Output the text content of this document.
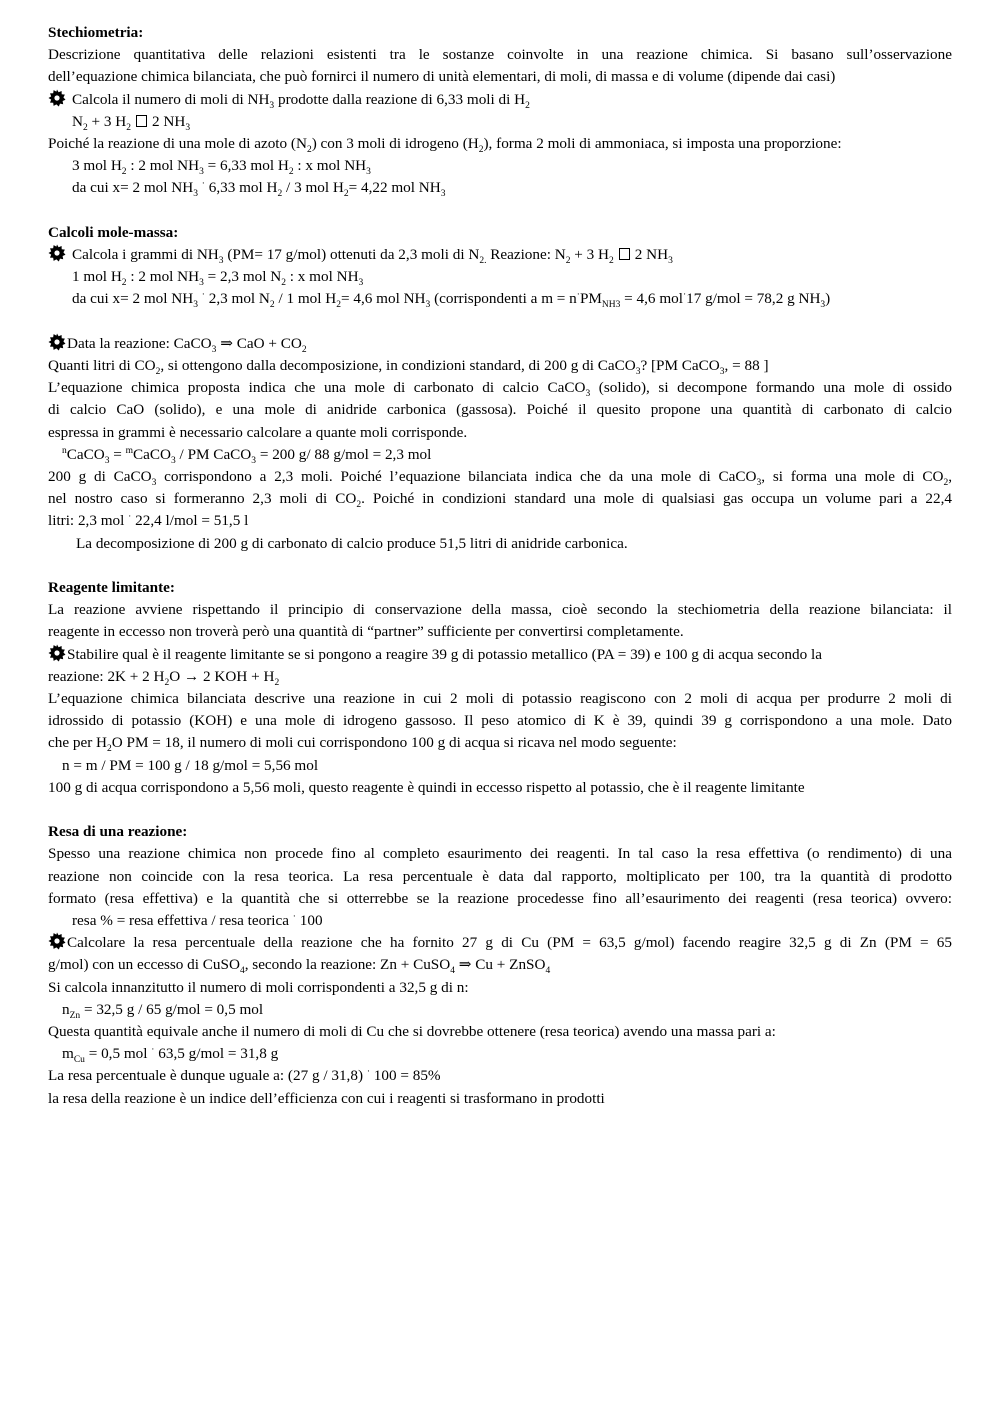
Stechiometria:
Descrizione quantitativa delle relazioni esistenti tra le sostanze coinvolte in una reazione chimica. Si basano sull’osservazione
dell’equazione chimica bilanciata, che può fornirci il numero di unità elementari, di moli, di massa e di volume (dipende dai casi)
Calcola il numero di moli di $NH_3$ prodotte dalla reazione di 6,33 moli di $H_2$
$N_2 + 3$ $H_2$ 2 $NH_3$
Poiché la reazione di una mole di azoto $(N_2)$ con 3 moli di idrogeno $(H_2)$, forma 2 moli di ammoniaca, si imposta una proporzione:
3 mol $H_2$ : 2 mol $NH_3 = 6,33$ mol $H_2$ : x mol $NH_3$
da cui x= 2 mol $NH_3$ · 6,33 mol $H_2 / 3$ mol $H_2= 4,22$ mol $NH_3$
Calcoli mole-massa:
Calcola i grammi di $NH_3$ (PM= 17 g/mol) ottenuti da 2,3 moli di $N_{2.}$ Reazione: $N_2 + 3$ $H_2$ 2 $NH_3$
1 mol $H_2$ : 2 mol $NH_3 = 2,3$ mol $N_2$ : x mol $NH_3$
da cui x= 2 mol $NH_3$ · 2,3 mol $N_2 / 1$ mol $H_2= 4,6$ mol $NH_3$ (corrispondenti a $m = n^\cdot PM_{NH3} = 4,6$ mol·17 g/mol = 78,2 g $NH_3$)
Data la reazione: CaCO$_3$ ⇒ CaO + $CO_2$
Quanti litri di $CO_2$, si ottengono dalla decomposizione, in condizioni standard, di 200 g di CaCO$_3$? [PM CaCO$_3$, = 88 ]
L’equazione chimica proposta indica che una mole di carbonato di calcio CaCO$_3$ (solido), si decompone formando una mole di ossido
di calcio CaO (solido), e una mole di anidride carbonica (gassosa). Poiché il quesito propone una quantità di carbonato di calcio
espressa in grammi è necessario calcolare a quante moli corrisponde.
$^n$CaCO$_3$ = $^m$CaCO$_3$ / PM CaCO$_3$ = 200 g/ 88 g/mol = 2,3 mol
200 g di CaCO$_3$ corrispondono a 2,3 moli. Poiché l’equazione bilanciata indica che da una mole di CaCO$_3$, si forma una mole di $CO_2$,
nel nostro caso si formeranno 2,3 moli di $CO_2$. Poiché in condizioni standard una mole di qualsiasi gas occupa un volume pari a 22,4
litri: 2,3 mol · 22,4 l/mol = 51,5 l
La decomposizione di 200 g di carbonato di calcio produce 51,5 litri di anidride carbonica.
Reagente limitante:
La reazione avviene rispettando il principio di conservazione della massa, cioè secondo la stechiometria della reazione bilanciata: il
reagente in eccesso non troverà però una quantità di “partner” sufficiente per convertirsi completamente.
Stabilire qual è il reagente limitante se si pongono a reagire 39 g di potassio metallico (PA = 39) e 100 g di acqua secondo la
reazione: 2K + 2 $H_2O \to 2$ KOH + $H_2$
L’equazione chimica bilanciata descrive una reazione in cui 2 moli di potassio reagiscono con 2 moli di acqua per produrre 2 moli di
idrossido di potassio (KOH) e una mole di idrogeno gassoso. Il peso atomico di K è 39, quindi 39 g corrispondono a una mole. Dato
che per $H_2O$ PM = 18, il numero di moli cui corrispondono 100 g di acqua si ricava nel modo seguente:
n = m / PM = 100 g / 18 g/mol = 5,56 mol
100 g di acqua corrispondono a 5,56 moli, questo reagente è quindi in eccesso rispetto al potassio, che è il reagente limitante
Resa di una reazione:
Spesso una reazione chimica non procede fino al completo esaurimento dei reagenti. In tal caso la resa effettiva (o rendimento) di una
reazione non coincide con la resa teorica. La resa percentuale è data dal rapporto, moltiplicato per 100, tra la quantità di prodotto
formato (resa effettiva) e la quantità che si otterrebbe se la reazione procedesse fino all’esaurimento dei reagenti (resa teorica) ovvero:
resa % = resa effettiva / resa teorica · 100
Calcolare la resa percentuale della reazione che ha fornito 27 g di Cu (PM = 63,5 g/mol) facendo reagire 32,5 g di Zn (PM = 65
g/mol) con un eccesso di CuSO$_4$, secondo la reazione: Zn + CuSO$_4$ ⇒ Cu + ZnSO$_4$
Si calcola innanzitutto il numero di moli corrispondenti a 32,5 g di n:
$n_{Zn} = 32,5$ g / 65 g/mol = 0,5 mol
Questa quantità equivale anche il numero di moli di Cu che si dovrebbe ottenere (resa teorica) avendo una massa pari a:
$m_{Cu} = 0,5$ mol · 63,5 g/mol = 31,8 g
La resa percentuale è dunque uguale a: (27 g / 31,8) · 100 = 85%
la resa della reazione è un indice dell’efficienza con cui i reagenti si trasformano in prodotti
